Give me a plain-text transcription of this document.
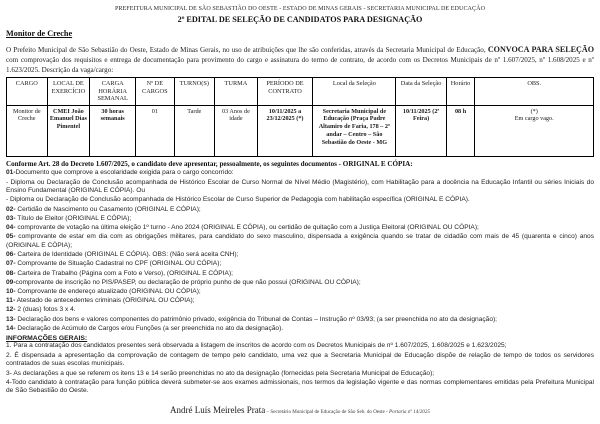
PREFEITURA MUNICIPAL DE SÃO SEBASTIÃO DO OESTE - ESTADO DE MINAS GERAIS - SECRETARIA MUNICIPAL DE EDUCAÇÃO
2º EDITAL DE SELEÇÃO DE CANDIDATOS PARA DESIGNAÇÃO
Monitor de Creche

O Prefeito Municipal de São Sebastião do Oeste, Estado de Minas Gerais, no uso de atribuições que lhe são conferidas, através da Secretaria Municipal de Educação, CONVOCA PARA SELEÇÃO com comprovação dos requisitos e entrega de documentação para provimento do cargo e assinatura do termo de contrato, de acordo com os Decretos Municipais de nº 1.607/2025, nº 1.608/2025 e nº 1.623/2025. Descrição da vaga/cargo:

CARGO	LOCAL DE EXERCÍCIO	CARGA HORÁRIA SEMANAL	Nº DE CARGOS	TURNO(S)	TURMA	PERÍODO DE CONTRATO	Local da Seleção	Data da Seleção	Horário	OBS.
Monitor de Creche	CMEI João Emanuel Dias Pimentel	30 horas semanais	01	Tarde	03 Anos de idade	10/11/2025 a 23/12/2025 (*)	Secretaria Municipal de Educação (Praça Padre Altamiro de Faria, 178 – 2º andar – Centro – São Sebastião do Oeste - MG	10/11/2025 (2ª Feira)	08 h	(*)
Em cargo vago.
Conforme Art. 28 do Decreto 1.607/2025, o candidato deve apresentar, pessoalmente, os seguintes documentos - ORIGINAL E CÓPIA:
01-Documento que comprove a escolaridade exigida para o cargo concorrido:
- Diploma ou Declaração de Conclusão acompanhada de Histórico Escolar de Curso Normal de Nível Médio (Magistério), com Habilitação para a docência na Educação Infantil ou séries Iniciais do Ensino Fundamental (ORIGINAL E CÓPIA). Ou
- Diploma ou Declaração de Conclusão acompanhada de Histórico Escolar de Curso Superior de Pedagogia com habilitação específica (ORIGINAL E CÓPIA).
02- Certidão de Nascimento ou Casamento (ORIGINAL E CÓPIA);
03- Título de Eleitor (ORIGINAL E CÓPIA);
04- comprovante de votação na última eleição 1º turno - Ano 2024 (ORIGINAL E CÓPIA), ou certidão de quitação com a Justiça Eleitoral (ORIGINAL OU CÓPIA);
05- comprovante de estar em dia com as obrigações militares, para candidato do sexo masculino, dispensada a exigência quando se tratar de cidadão com mais de 45 (quarenta e cinco) anos (ORIGINAL E CÓPIA);
06- Carteira de Identidade (ORIGINAL E CÓPIA). OBS: (Não será aceita CNH);
07- Comprovante de Situação Cadastral no CPF (ORIGINAL OU CÓPIA);
08- Carteira de Trabalho (Página com a Foto e Verso), (ORIGINAL E CÓPIA);
09-comprovante de inscrição no PIS/PASEP, ou declaração de próprio punho de que não possui (ORIGINAL OU CÓPIA);
10- Comprovante de endereço atualizado (ORIGINAL OU CÓPIA);
11- Atestado de antecedentes criminais (ORIGINAL OU CÓPIA);
12- 2 (duas) fotos 3 x 4.
13- Declaração dos bens e valores componentes do patrimônio privado, exigência do Tribunal de Contas – Instrução nº 03/93; (a ser preenchida no ato da designação);
14- Declaração de Acúmulo de Cargos e/ou Funções (a ser preenchida no ato da designação).
INFORMAÇÕES GERAIS:
1. Para a contratação dos candidatos presentes será observada a listagem de inscritos de acordo com os Decretos Municipais de nº 1.607/2025, 1.608/2025 e 1.623/2025;
2. É dispensada a apresentação da comprovação de contagem de tempo pelo candidato, uma vez que a Secretaria Municipal de Educação dispõe de relação de tempo de todos os servidores contratados de suas escolas municipais.
3- As declarações a que se referem os itens 13 e 14 serão preenchidas no ato da designação (fornecidas pela Secretaria Municipal de Educação);
4-Todo candidato à contratação para função pública deverá submeter-se aos exames admissionais, nos termos da legislação vigente e das normas complementares emitidas pela Prefeitura Municipal de São Sebastião do Oeste.
André Luís Meireles Prata – Secretário Municipal de Educação de São Seb. do Oeste - Portaria nº 14/2025
